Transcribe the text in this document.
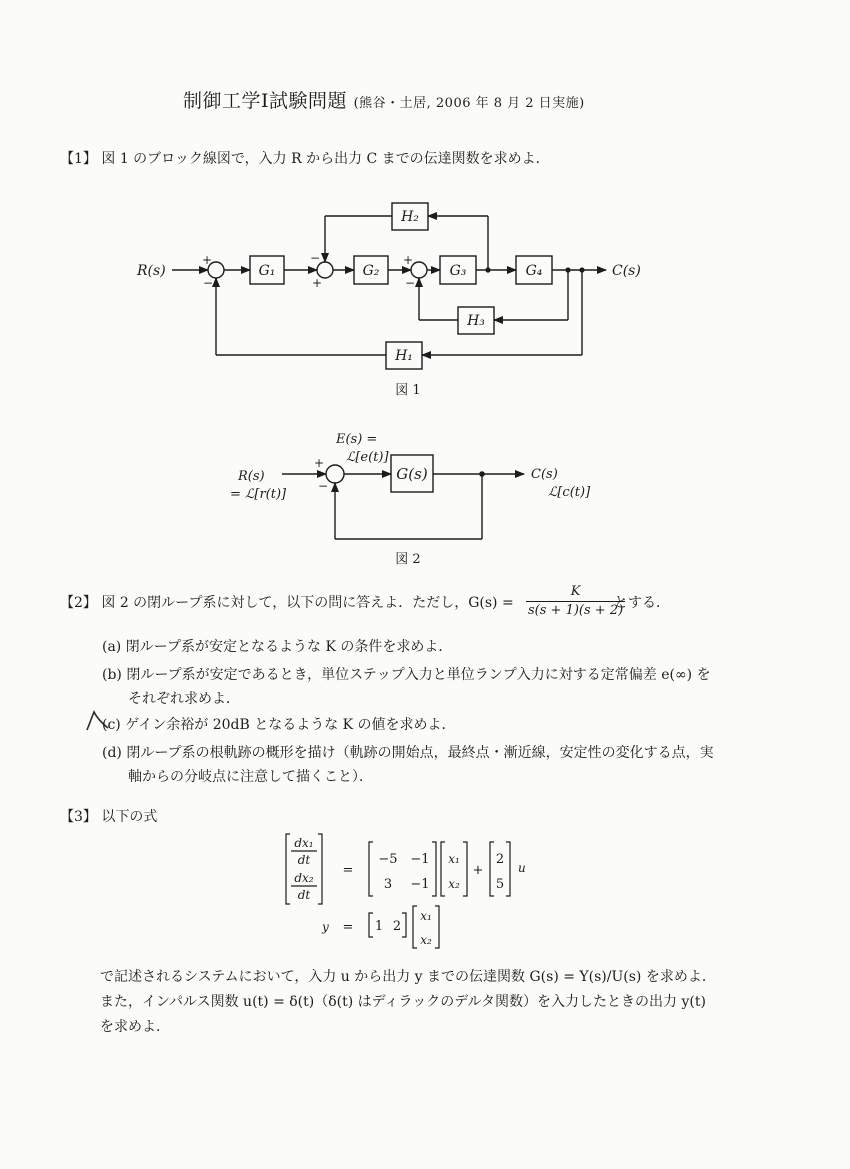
制御工学Ⅰ試験問題 (熊谷・土居, 2006 年 8 月 2 日実施)
【1】 図 1 のブロック線図で，入力 R から出力 C までの伝達関数を求めよ．
+
−
−
+
+
−
R(s)	C(s)
G₁	G₂	G₃	G₄
H₁
H₂
H₃
図 1
+
−
R(s)
= ℒ[r(t)]
E(s) =
ℒ[e(t)]
C(s)
ℒ[c(t)]
G(s)
図 2
【2】 図 2 の閉ループ系に対して，以下の問に答えよ．ただし，$G(s) = \frac{K}{s(s + 1)(s + 2)}$
とする．
(a) 閉ループ系が安定となるような K の条件を求めよ．
(b) 閉ループ系が安定であるとき，単位ステップ入力と単位ランプ入力に対する定常偏差 e(∞) を
それぞれ求めよ．
(c) ゲイン余裕が 20dB となるような K の値を求めよ．
(d) 閉ループ系の根軌跡の概形を描け（軌跡の開始点，最終点・漸近線，安定性の変化する点，実
軸からの分岐点に注意して描くこと）．
【3】 以下の式
dx₁
dt
dx₂
dt
x₁
x₂
u
y
x₁
x₂
=
=
−5 −1
3 −1
+
2
5
1 2
で記述されるシステムにおいて，入力 u から出力 y までの伝達関数 G(s) = Y(s)/U(s) を求めよ．
また，インパルス関数 u(t) = δ(t)（δ(t) はディラックのデルタ関数）を入力したときの出力 y(t)
を求めよ．
